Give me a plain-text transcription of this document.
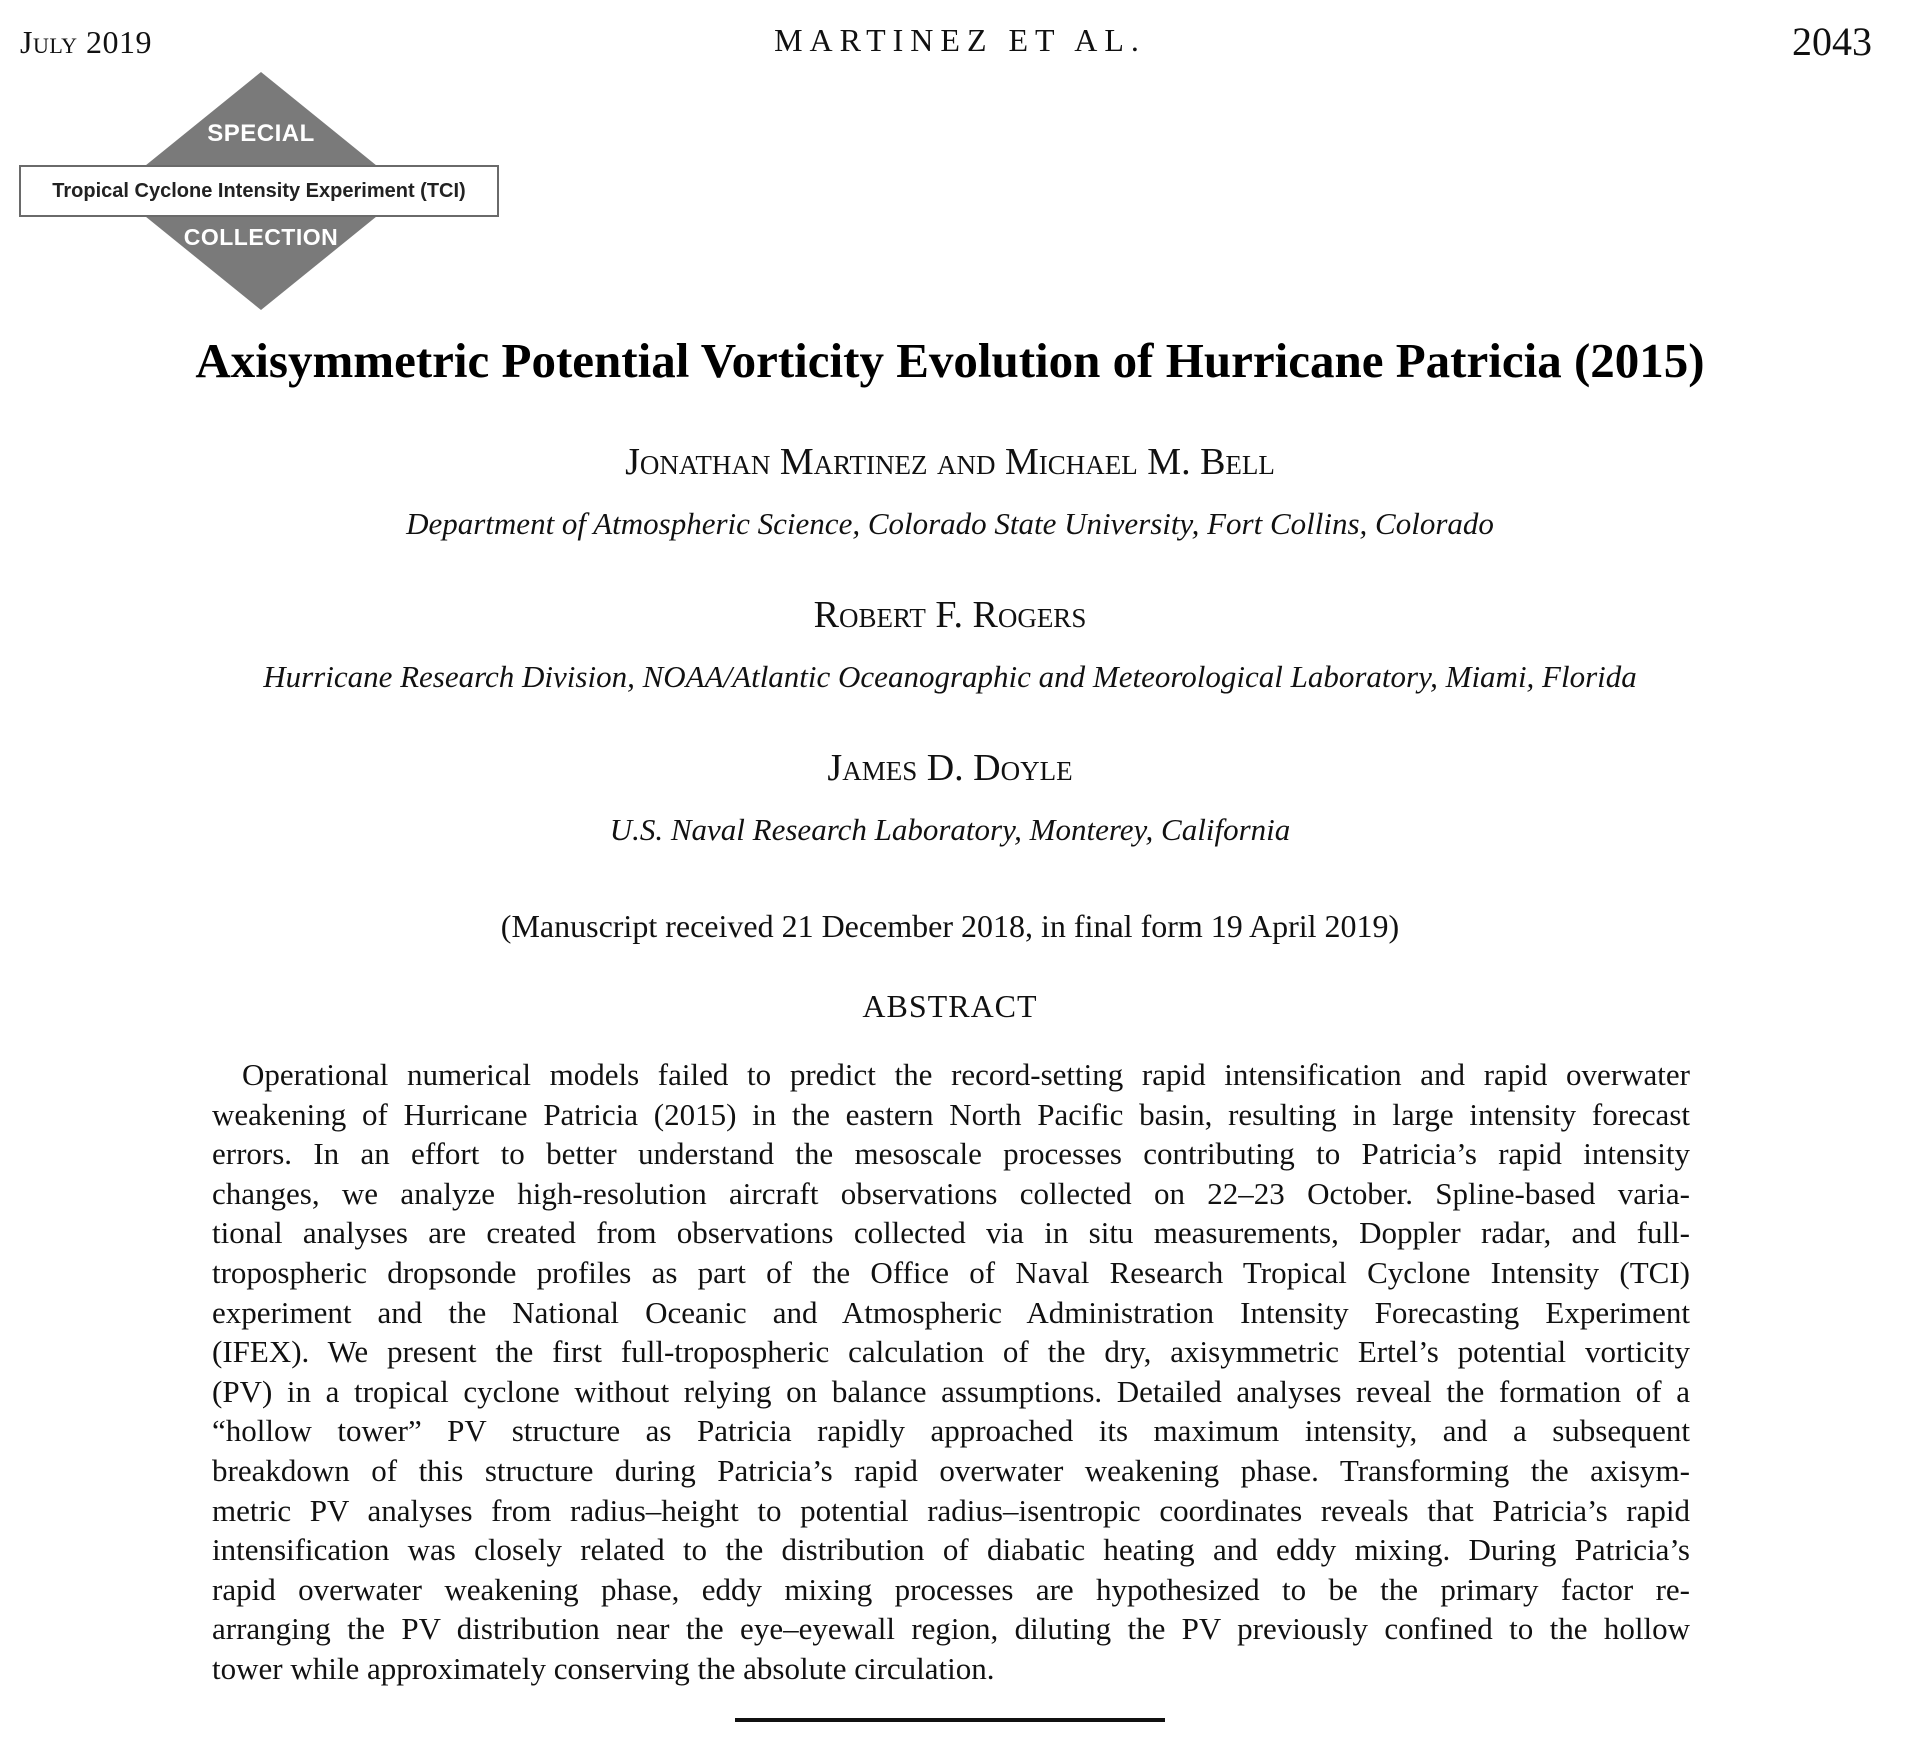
July 2019	MARTINEZ ET AL.	2043
SPECIAL
Tropical Cyclone Intensity Experiment (TCI)
COLLECTION
Axisymmetric Potential Vorticity Evolution of Hurricane Patricia (2015)
Jonathan Martinez and Michael M. Bell
Department of Atmospheric Science, Colorado State University, Fort Collins, Colorado
Robert F. Rogers
Hurricane Research Division, NOAA/Atlantic Oceanographic and Meteorological Laboratory, Miami, Florida
James D. Doyle
U.S. Naval Research Laboratory, Monterey, California
(Manuscript received 21 December 2018, in final form 19 April 2019)
ABSTRACT
Operational numerical models failed to predict the record-setting rapid intensification and rapid overwater
weakening of Hurricane Patricia (2015) in the eastern North Pacific basin, resulting in large intensity forecast
errors. In an effort to better understand the mesoscale processes contributing to Patricia’s rapid intensity
changes, we analyze high-resolution aircraft observations collected on 22–23 October. Spline-based varia-
tional analyses are created from observations collected via in situ measurements, Doppler radar, and full-
tropospheric dropsonde profiles as part of the Office of Naval Research Tropical Cyclone Intensity (TCI)
experiment and the National Oceanic and Atmospheric Administration Intensity Forecasting Experiment
(IFEX). We present the first full-tropospheric calculation of the dry, axisymmetric Ertel’s potential vorticity
(PV) in a tropical cyclone without relying on balance assumptions. Detailed analyses reveal the formation of a
“hollow tower” PV structure as Patricia rapidly approached its maximum intensity, and a subsequent
breakdown of this structure during Patricia’s rapid overwater weakening phase. Transforming the axisym-
metric PV analyses from radius–height to potential radius–isentropic coordinates reveals that Patricia’s rapid
intensification was closely related to the distribution of diabatic heating and eddy mixing. During Patricia’s
rapid overwater weakening phase, eddy mixing processes are hypothesized to be the primary factor re-
arranging the PV distribution near the eye–eyewall region, diluting the PV previously confined to the hollow
tower while approximately conserving the absolute circulation.
